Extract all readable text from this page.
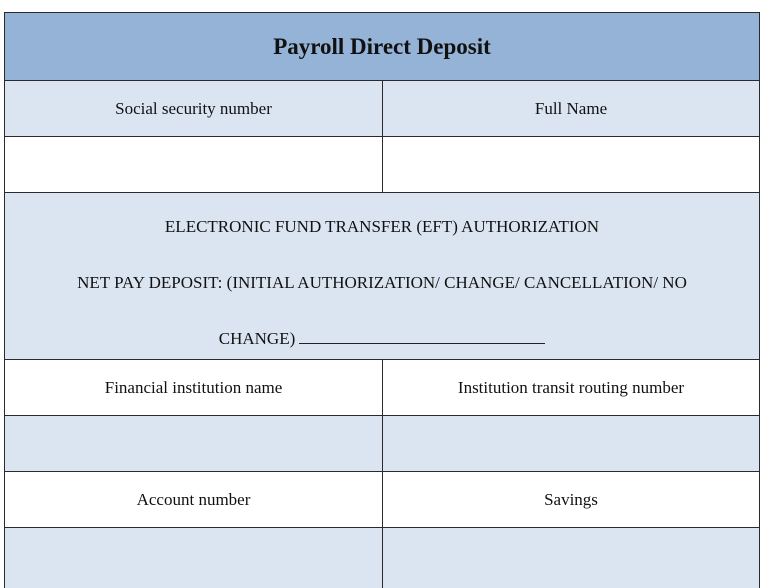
Payroll Direct Deposit
Social security number	Full Name
ELECTRONIC FUND TRANSFER (EFT) AUTHORIZATION
NET PAY DEPOSIT: (INITIAL AUTHORIZATION/ CHANGE/ CANCELLATION/ NO
CHANGE)
Financial institution name	Institution transit routing number
Account number	Savings
